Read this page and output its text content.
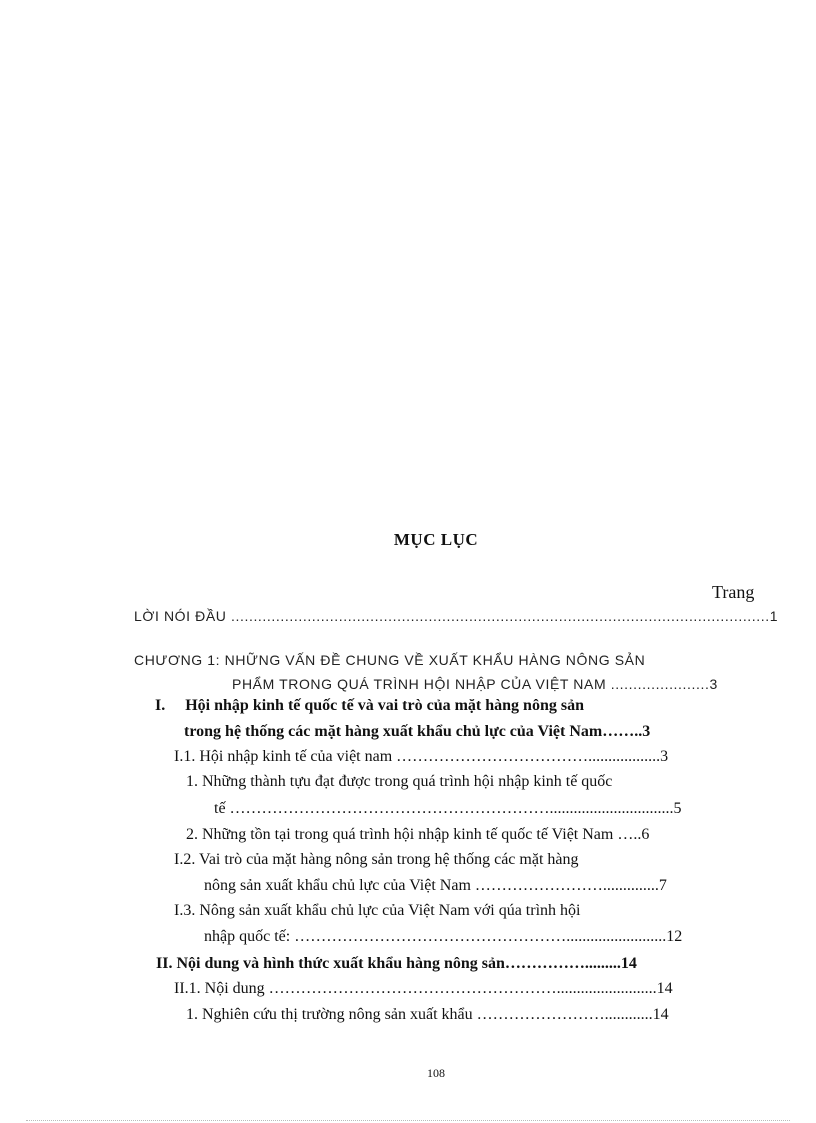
MỤC LỤC
Trang
LỜI NÓI ĐẦU ........................................................................................................................1
CHƯƠNG 1: NHỮNG VẤN ĐỀ CHUNG VỀ XUẤT KHẨU HÀNG NÔNG SẢN
PHẨM TRONG QUÁ TRÌNH HỘI NHẬP CỦA VIỆT NAM ......................3
I.     Hội nhập kinh tế quốc tế và vai trò của mặt hàng nông sản
trong hệ thống các mặt hàng xuất khẩu chủ lực của Việt Nam……..3
I.1. Hội nhập kinh tế của việt nam ………………………………..................3
1. Những thành tựu đạt được trong quá trình hội nhập kinh tế quốc
tế ……………………………………………………...............................5
2. Những tồn tại trong quá trình hội nhập kinh tế quốc tế Việt Nam …..6
I.2. Vai trò của mặt hàng nông sản trong hệ thống các mặt hàng
nông sản xuất khẩu chủ lực của Việt Nam ……………………..............7
I.3. Nông sản xuất khẩu chủ lực của Việt Nam với qúa trình hội
nhập quốc tế: …………………………………………….........................12
II. Nội dung và hình thức xuất khẩu hàng nông sản…………….........14
II.1. Nội dung ……………………………………………….........................14
1. Nghiên cứu thị trường nông sản xuất khẩu ……………………............14
108
